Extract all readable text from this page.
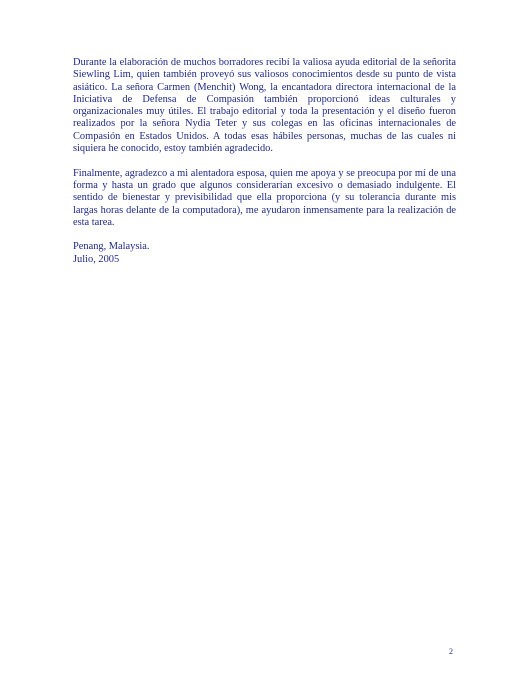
Durante la elaboración de muchos borradores recibí la valiosa ayuda editorial de la señorita Siewling Lim, quien también proveyó sus valiosos conocimientos desde su punto de vista asiático. La señora Carmen (Menchit) Wong, la encantadora directora internacional de la Iniciativa de Defensa de Compasión también proporcionó ideas culturales y organizacionales muy útiles. El trabajo editorial y toda la presentación y el diseño fueron realizados por la señora Nydia Teter y sus colegas en las oficinas internacionales de Compasión en Estados Unidos. A todas esas hábiles personas, muchas de las cuales ni siquiera he conocido, estoy también agradecido.

Finalmente, agradezco a mi alentadora esposa, quien me apoya y se preocupa por mí de una forma y hasta un grado que algunos considerarían excesivo o demasiado indulgente. El sentido de bienestar y previsibilidad que ella proporciona (y su tolerancia durante mis largas horas delante de la computadora), me ayudaron inmensamente para la realización de esta tarea.

Penang, Malaysia.

Julio, 2005

2
